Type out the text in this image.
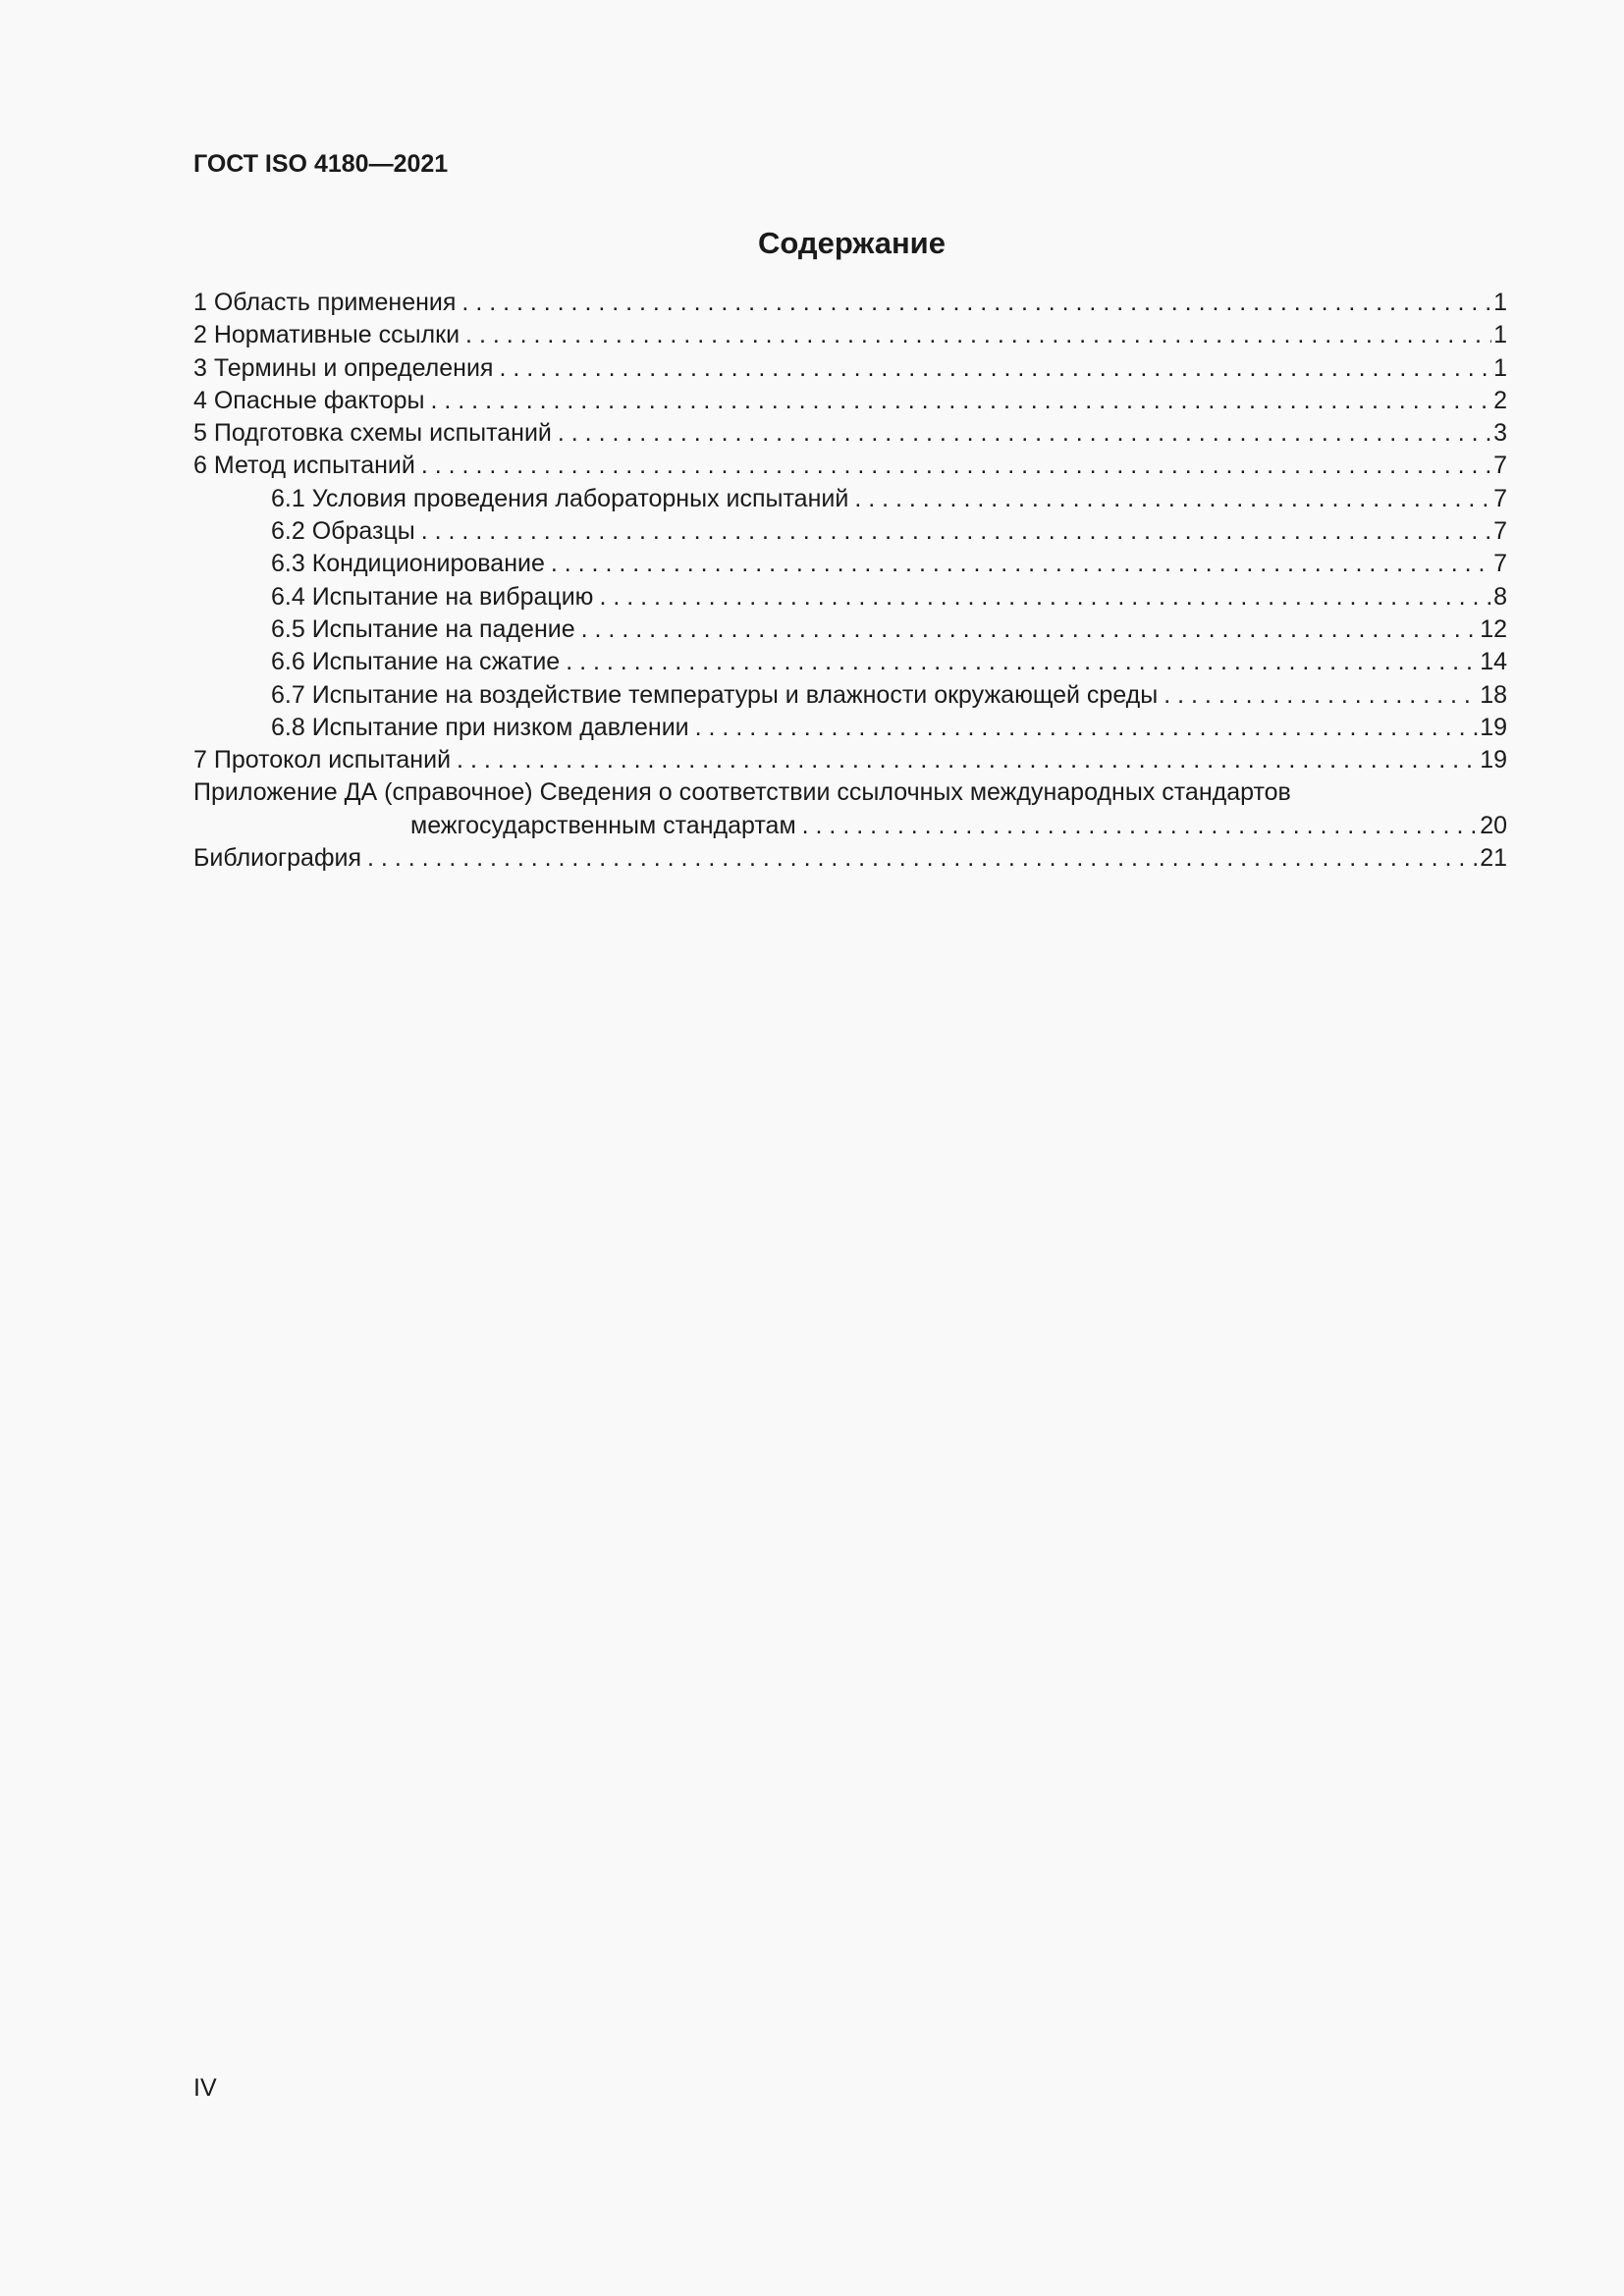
ГОСТ ISO 4180—2021
Содержание
1 Область применения . . .	1
2 Нормативные ссылки . . .	1
3 Термины и определения . . .	1
4 Опасные факторы . . .	2
5 Подготовка схемы испытаний . . .	3
6 Метод испытаний . . .	7
6.1 Условия проведения лабораторных испытаний . . .	7
6.2 Образцы . . .	7
6.3 Кондиционирование . . .	7
6.4 Испытание на вибрацию . . .	8
6.5 Испытание на падение . . .	12
6.6 Испытание на сжатие . . .	14
6.7 Испытание на воздействие температуры и влажности окружающей среды . . .	18
6.8 Испытание при низком давлении . . .	19
7 Протокол испытаний . . .	19
Приложение ДА (справочное) Сведения о соответствии ссылочных международных стандартов
межгосударственным стандартам . . .	20
Библиография . . .	21
IV
